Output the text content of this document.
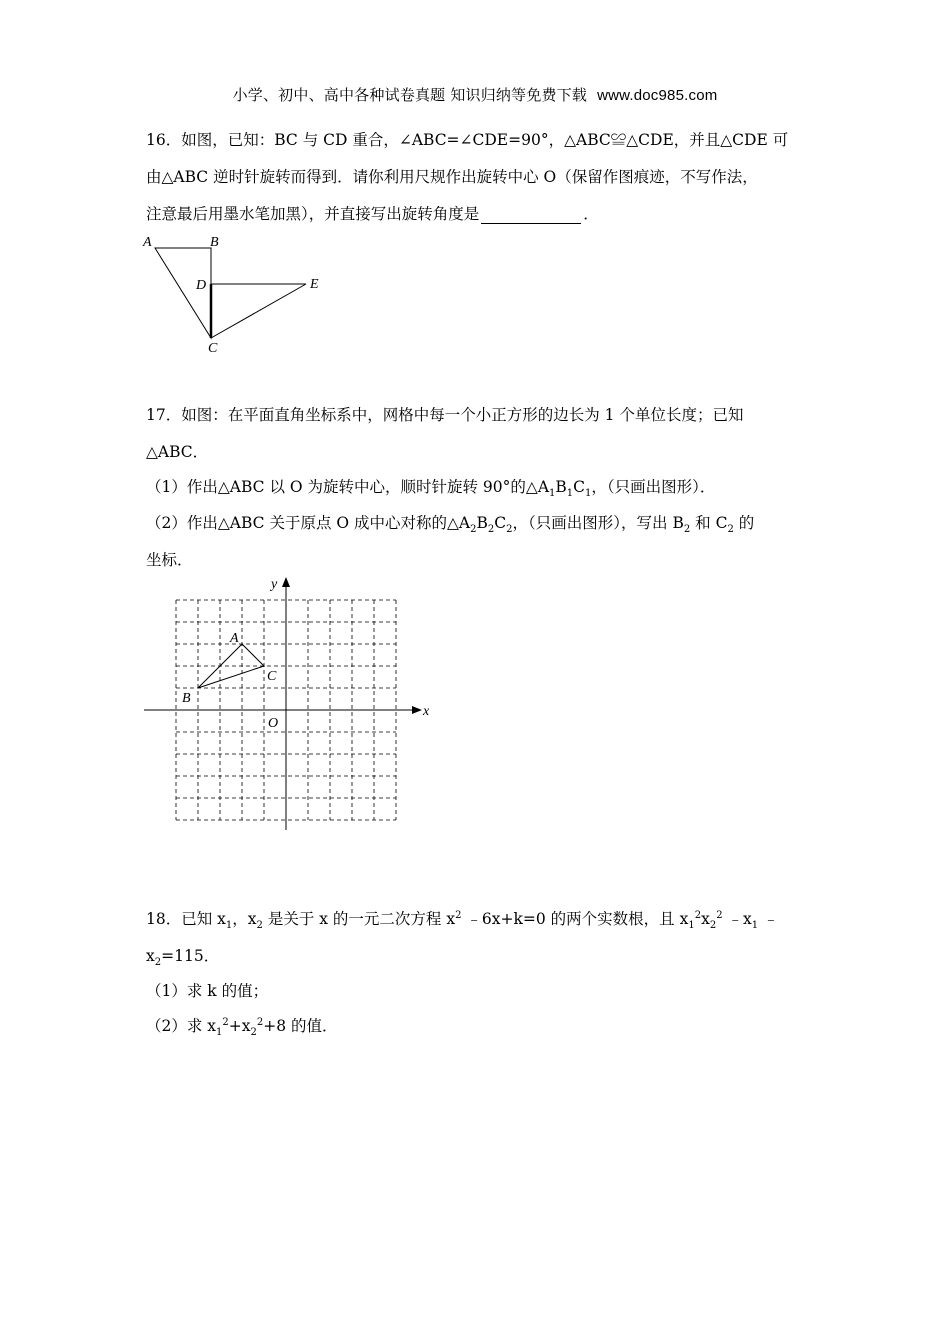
小学、初中、高中各种试卷真题 知识归纳等免费下载 www.doc985.com
16．如图，已知：BC 与 CD 重合，∠ABC=∠CDE=90°，△ABC≌△CDE，并且△CDE 可
由△ABC 逆时针旋转而得到．请你利用尺规作出旋转中心 O（保留作图痕迹，不写作法，
注意最后用墨水笔加黑），并直接写出旋转角度是	．
A	B
D	E
C
17．如图：在平面直角坐标系中，网格中每一个小正方形的边长为 1 个单位长度；已知
△ABC．
（1）作出△ABC 以 O 为旋转中心，顺时针旋转 90°的$\triangle A_1B_1C_1$，（只画出图形）．
（2）作出△ABC 关于原点 O 成中心对称的$\triangle A_2B_2C_2$，（只画出图形），写出 $B_2$ 和 $C_2$ 的
坐标．
x
y
O
A
B
C
18．已知 $x_1$，$x_2$ 是关于 x 的一元二次方程 $x^2$ ﹣6x+k=0 的两个实数根，且 $x_1^2x_2^2$ $﹣x_1$ ﹣
$x_2=115$．
（1）求 k 的值；
（2）求 $x_1^2+x_2^2+8$ 的值．
